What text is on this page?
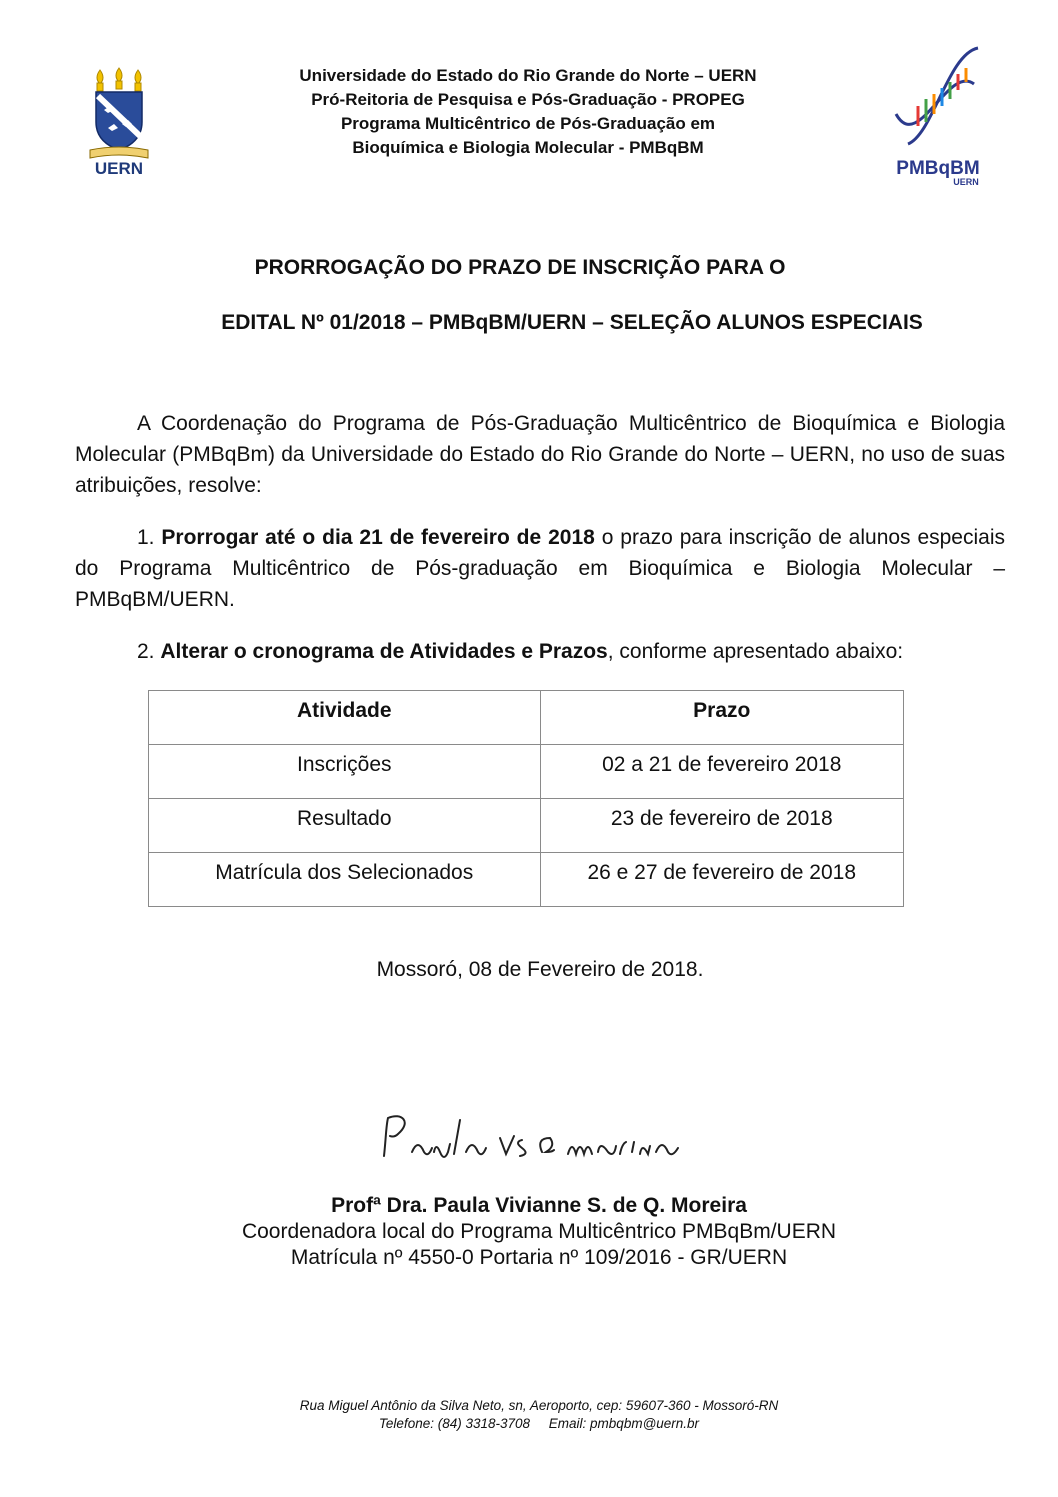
UERN
Universidade do Estado do Rio Grande do Norte – UERN
Pró-Reitoria de Pesquisa e Pós-Graduação - PROPEG
Programa Multicêntrico de Pós-Graduação em
Bioquímica e Biologia Molecular - PMBqBM
PMBqBM
UERN
PRORROGAÇÃO DO PRAZO DE INSCRIÇÃO PARA O
EDITAL Nº 01/2018 – PMBqBM/UERN – SELEÇÃO ALUNOS ESPECIAIS
A Coordenação do Programa de Pós-Graduação Multicêntrico de Bioquímica e Biologia Molecular (PMBqBm) da Universidade do Estado do Rio Grande do Norte – UERN, no uso de suas atribuições, resolve:
1. Prorrogar até o dia 21 de fevereiro de 2018 o prazo para inscrição de alunos especiais do Programa Multicêntrico de Pós-graduação em Bioquímica e Biologia Molecular – PMBqBM/UERN.
2. Alterar o cronograma de Atividades e Prazos, conforme apresentado abaixo:
Atividade	Prazo
Inscrições	02 a 21 de fevereiro 2018
Resultado	23 de fevereiro de 2018
Matrícula dos Selecionados	26 e 27 de fevereiro de 2018
Mossoró, 08 de Fevereiro de 2018.
Profª Dra. Paula Vivianne S. de Q. Moreira
Coordenadora local do Programa Multicêntrico PMBqBm/UERN
Matrícula nº 4550-0 Portaria nº 109/2016 - GR/UERN
Rua Miguel Antônio da Silva Neto, sn, Aeroporto, cep: 59607-360 - Mossoró-RN
Telefone: (84) 3318-3708     Email: pmbqbm@uern.br
